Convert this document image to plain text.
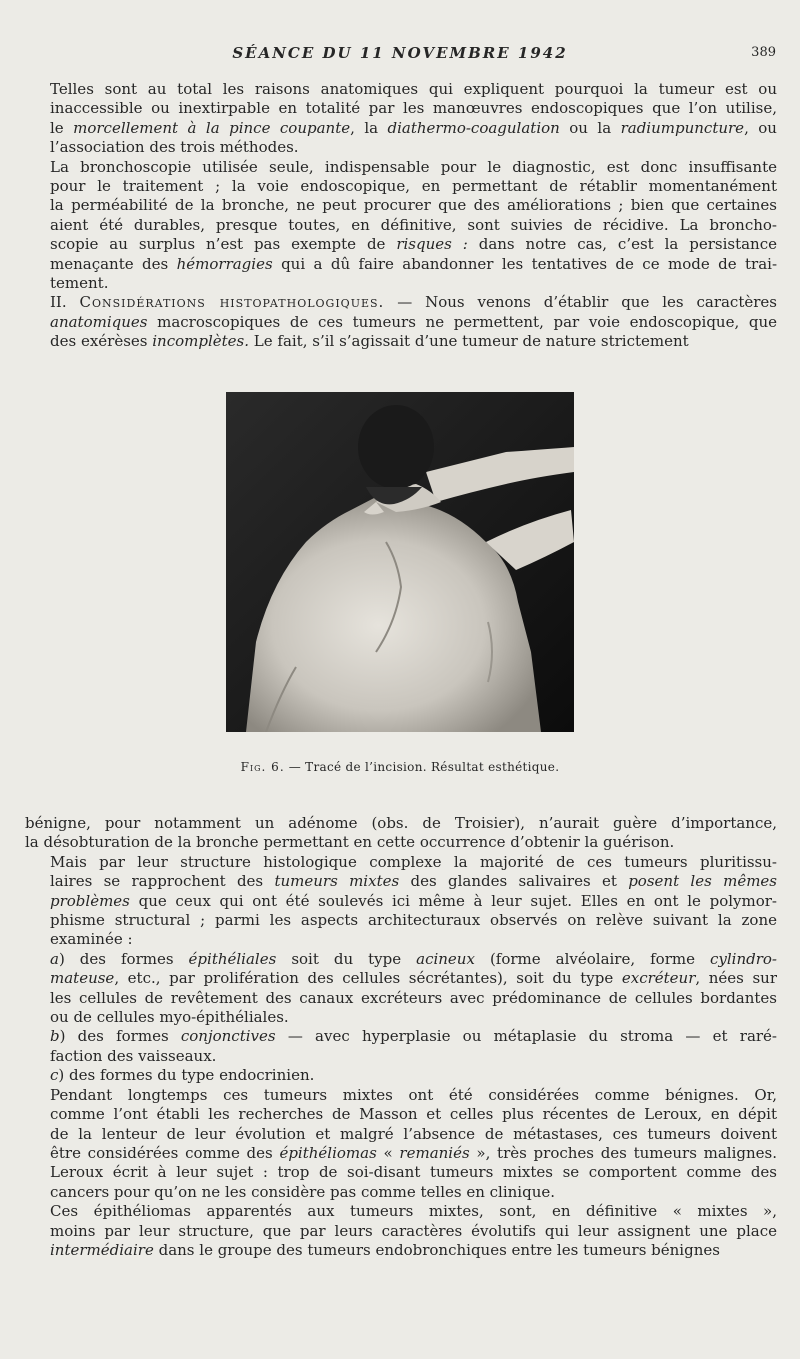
SÉANCE DU 11 NOVEMBRE 1942	389

Telles sont au total les raisons anatomiques qui expliquent pourquoi la tumeur est ou
inaccessible ou inextirpable en totalité par les manœuvres endoscopiques que l’on utilise,
le morcellement à la pince coupante, la diathermo-coagulation ou la radiumpuncture, ou
l’association des trois méthodes.

La bronchoscopie utilisée seule, indispensable pour le diagnostic, est donc insuffisante
pour le traitement ; la voie endoscopique, en permettant de rétablir momentanément
la perméabilité de la bronche, ne peut procurer que des améliorations ; bien que certaines
aient été durables, presque toutes, en définitive, sont suivies de récidive. La broncho-
scopie au surplus n’est pas exempte de risques : dans notre cas, c’est la persistance
menaçante des hémorragies qui a dû faire abandonner les tentatives de ce mode de trai-
tement.

II. Considérations histopathologiques. — Nous venons d’établir que les caractères
anatomiques macroscopiques de ces tumeurs ne permettent, par voie endoscopique, que
des exérèses incomplètes. Le fait, s’il s’agissait d’une tumeur de nature strictement

Fig. 6. — Tracé de l’incision. Résultat esthétique.

bénigne, pour notamment un adénome (obs. de Troisier), n’aurait guère d’importance,
la désobturation de la bronche permettant en cette occurrence d’obtenir la guérison.

Mais par leur structure histologique complexe la majorité de ces tumeurs pluritissu-
laires se rapprochent des tumeurs mixtes des glandes salivaires et posent les mêmes
problèmes que ceux qui ont été soulevés ici même à leur sujet. Elles en ont le polymor-
phisme structural ; parmi les aspects architecturaux observés on relève suivant la zone
examinée :

a) des formes épithéliales soit du type acineux (forme alvéolaire, forme cylindro-
mateuse, etc., par prolifération des cellules sécrétantes), soit du type excréteur, nées sur
les cellules de revêtement des canaux excréteurs avec prédominance de cellules bordantes
ou de cellules myo-épithéliales.

b) des formes conjonctives — avec hyperplasie ou métaplasie du stroma — et raré-
faction des vaisseaux.

c) des formes du type endocrinien.

Pendant longtemps ces tumeurs mixtes ont été considérées comme bénignes. Or,
comme l’ont établi les recherches de Masson et celles plus récentes de Leroux, en dépit
de la lenteur de leur évolution et malgré l’absence de métastases, ces tumeurs doivent
être considérées comme des épithéliomas « remaniés », très proches des tumeurs malignes.
Leroux écrit à leur sujet : trop de soi-disant tumeurs mixtes se comportent comme des
cancers pour qu’on ne les considère pas comme telles en clinique.

Ces épithéliomas apparentés aux tumeurs mixtes, sont, en définitive « mixtes »,
moins par leur structure, que par leurs caractères évolutifs qui leur assignent une place
intermédiaire dans le groupe des tumeurs endobronchiques entre les tumeurs bénignes
